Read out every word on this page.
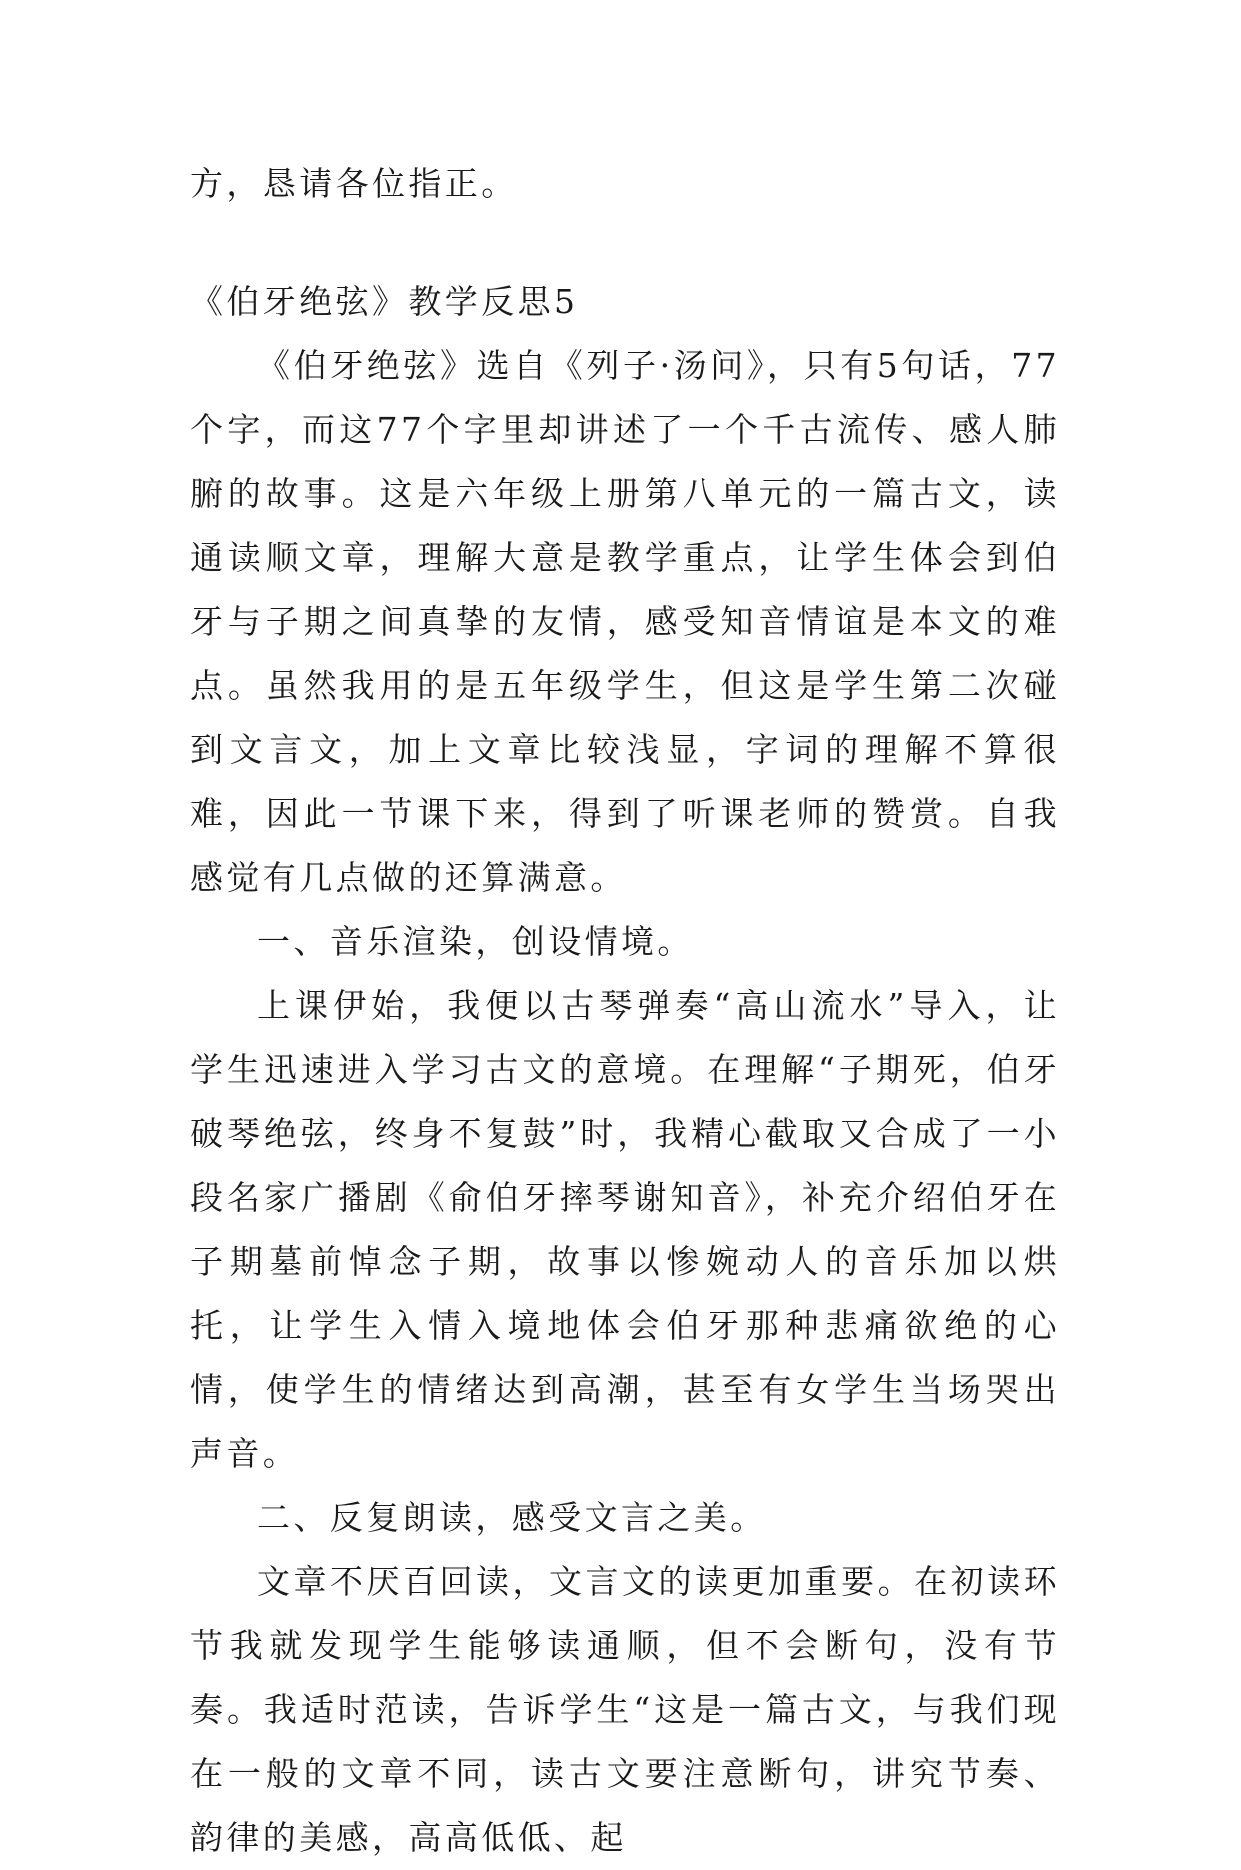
方，恳请各位指正。

《伯牙绝弦》教学反思5

《伯牙绝弦》选自《列子·汤问》，只有5句话，77个字，而这77个字里却讲述了一个千古流传、感人肺腑的故事。这是六年级上册第八单元的一篇古文，读通读顺文章，理解大意是教学重点，让学生体会到伯牙与子期之间真挚的友情，感受知音情谊是本文的难点。虽然我用的是五年级学生，但这是学生第二次碰到文言文，加上文章比较浅显，字词的理解不算很难，因此一节课下来，得到了听课老师的赞赏。自我感觉有几点做的还算满意。

一、音乐渲染，创设情境。

上课伊始，我便以古琴弹奏“高山流水”导入，让学生迅速进入学习古文的意境。在理解“子期死，伯牙破琴绝弦，终身不复鼓”时，我精心截取又合成了一小段名家广播剧《俞伯牙摔琴谢知音》，补充介绍伯牙在子期墓前悼念子期，故事以惨婉动人的音乐加以烘托，让学生入情入境地体会伯牙那种悲痛欲绝的心情，使学生的情绪达到高潮，甚至有女学生当场哭出声音。

二、反复朗读，感受文言之美。

文章不厌百回读，文言文的读更加重要。在初读环节我就发现学生能够读通顺，但不会断句，没有节奏。我适时范读，告诉学生“这是一篇古文，与我们现在一般的文章不同，读古文要注意断句，讲究节奏、韵律的美感，高高低低、起
